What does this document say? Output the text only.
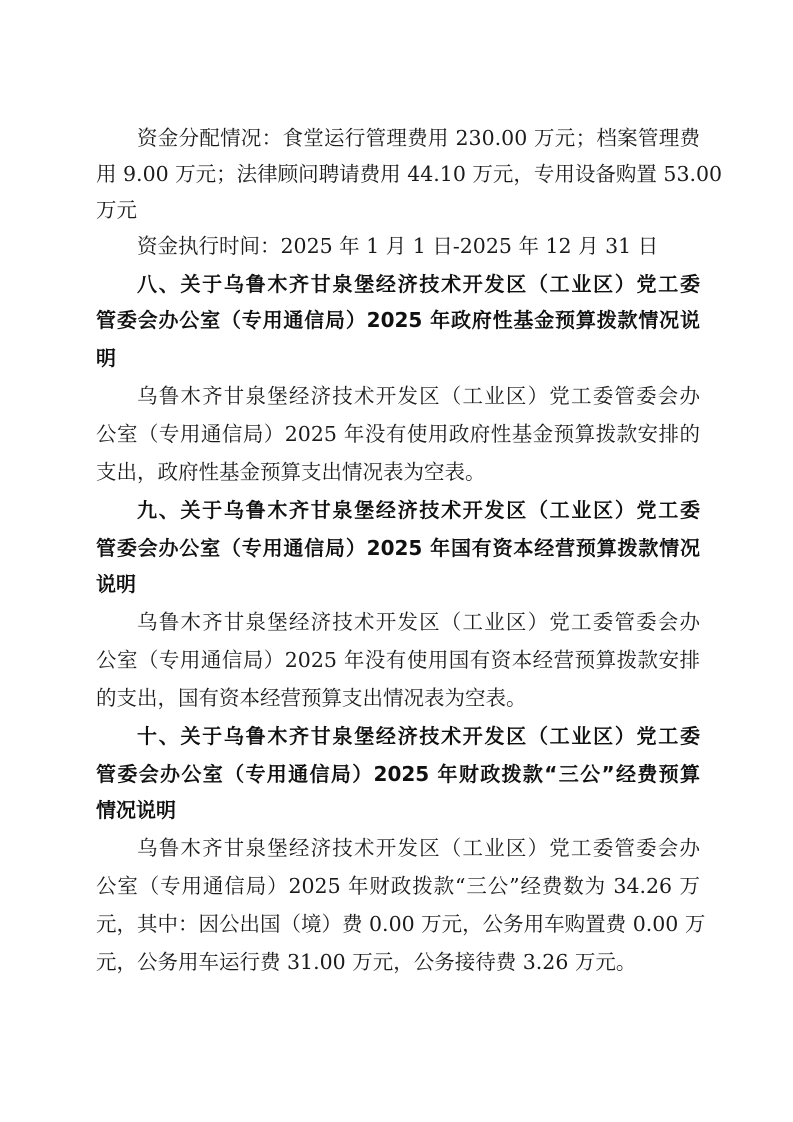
资金分配情况：食堂运行管理费用 230.00 万元；档案管理费
用 9.00 万元；法律顾问聘请费用 44.10 万元，专用设备购置 53.00
万元
资金执行时间：2025 年 1 月 1 日-2025 年 12 月 31 日
八、关于乌鲁木齐甘泉堡经济技术开发区（工业区）党工委
管委会办公室（专用通信局）2025 年政府性基金预算拨款情况说
明
乌鲁木齐甘泉堡经济技术开发区（工业区）党工委管委会办
公室（专用通信局）2025 年没有使用政府性基金预算拨款安排的
支出，政府性基金预算支出情况表为空表。
九、关于乌鲁木齐甘泉堡经济技术开发区（工业区）党工委
管委会办公室（专用通信局）2025 年国有资本经营预算拨款情况
说明
乌鲁木齐甘泉堡经济技术开发区（工业区）党工委管委会办
公室（专用通信局）2025 年没有使用国有资本经营预算拨款安排
的支出，国有资本经营预算支出情况表为空表。
十、关于乌鲁木齐甘泉堡经济技术开发区（工业区）党工委
管委会办公室（专用通信局）2025 年财政拨款“三公”经费预算
情况说明
乌鲁木齐甘泉堡经济技术开发区（工业区）党工委管委会办
公室（专用通信局）2025 年财政拨款“三公”经费数为 34.26 万
元，其中：因公出国（境）费 0.00 万元，公务用车购置费 0.00 万
元，公务用车运行费 31.00 万元，公务接待费 3.26 万元。
